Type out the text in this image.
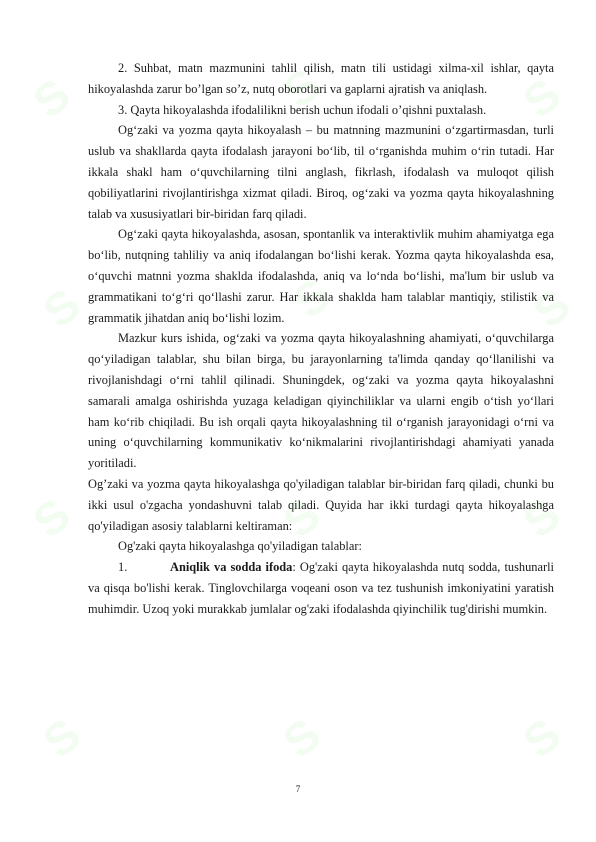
S	S	S
S	S	S
S	S	S
S	S	S

2. Suhbat, matn mazmunini tahlil qilish, matn tili ustidagi xilma-xil ishlar, qayta hikoyalashda zarur bo’lgan so’z, nutq oborotlari va gaplarni ajratish va aniqlash.

3. Qayta hikoyalashda ifodalilikni berish uchun ifodali o’qishni puxtalash.

Og‘zaki va yozma qayta hikoyalash – bu matnning mazmunini o‘zgartirmasdan, turli uslub va shakllarda qayta ifodalash jarayoni bo‘lib, til o‘rganishda muhim o‘rin tutadi. Har ikkala shakl ham o‘quvchilarning tilni anglash, fikrlash, ifodalash va muloqot qilish qobiliyatlarini rivojlantirishga xizmat qiladi. Biroq, og‘zaki va yozma qayta hikoyalashning talab va xususiyatlari bir-biridan farq qiladi.

Og‘zaki qayta hikoyalashda, asosan, spontanlik va interaktivlik muhim ahamiyatga ega bo‘lib, nutqning tahliliy va aniq ifodalangan bo‘lishi kerak. Yozma qayta hikoyalashda esa, o‘quvchi matnni yozma shaklda ifodalashda, aniq va lo‘nda bo‘lishi, ma'lum bir uslub va grammatikani to‘g‘ri qo‘llashi zarur. Har ikkala shaklda ham talablar mantiqiy, stilistik va grammatik jihatdan aniq bo‘lishi lozim.

Mazkur kurs ishida, og‘zaki va yozma qayta hikoyalashning ahamiyati, o‘quvchilarga qo‘yiladigan talablar, shu bilan birga, bu jarayonlarning ta'limda qanday qo‘llanilishi va rivojlanishdagi o‘rni tahlil qilinadi. Shuningdek, og‘zaki va yozma qayta hikoyalashni samarali amalga oshirishda yuzaga keladigan qiyinchiliklar va ularni engib o‘tish yo‘llari ham ko‘rib chiqiladi. Bu ish orqali qayta hikoyalashning til o‘rganish jarayonidagi o‘rni va uning o‘quvchilarning kommunikativ ko‘nikmalarini rivojlantirishdagi ahamiyati yanada yoritiladi.

Og’zaki va yozma qayta hikoyalashga qo'yiladigan talablar bir-biridan farq qiladi, chunki bu ikki usul o'zgacha yondashuvni talab qiladi. Quyida har ikki turdagi qayta hikoyalashga qo'yiladigan asosiy talablarni keltiraman:

Og'zaki qayta hikoyalashga qo'yiladigan talablar:

1.	Aniqlik va sodda ifoda: Og'zaki qayta hikoyalashda nutq sodda, tushunarli va qisqa bo'lishi kerak. Tinglovchilarga voqeani oson va tez tushunish imkoniyatini yaratish muhimdir. Uzoq yoki murakkab jumlalar og'zaki ifodalashda qiyinchilik tug'dirishi mumkin.

7
